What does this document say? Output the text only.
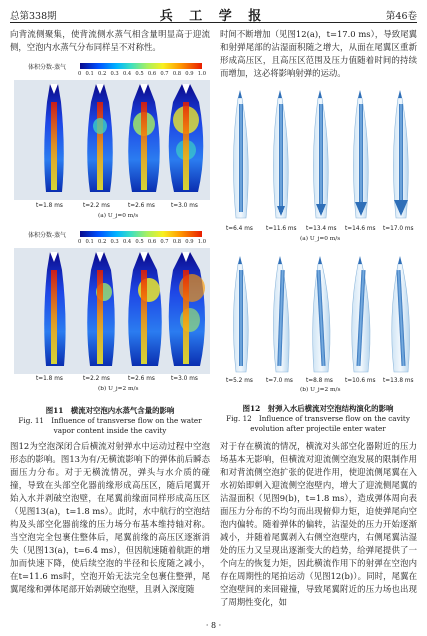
总第338期	兵 工 学 报	第46卷

向背流侧聚集，使背流侧水蒸气相含量明显高于迎流侧，空泡内水蒸气分布同样呈不对称性。

体积分数-蒸气
0 0.1 0.2 0.3 0.4 0.5 0.6 0.7 0.8 0.9 1.0
t=1.8 ms	t=2.2 ms	t=2.6 ms	t=3.0 ms
(a) U_j=0 m/s
体积分数-蒸气
0 0.1 0.2 0.3 0.4 0.5 0.6 0.7 0.8 0.9 1.0
t=1.8 ms	t=2.2 ms	t=2.6 ms	t=3.0 ms
(b) U_j=2 m/s
图11　横流对空泡内水蒸气含量的影响
Fig. 11　Influence of transverse flow on the water
vapor content inside the cavity

图12为空泡深闭合后横流对射弹水中运动过程中空泡形态的影响。图13为有/无横流影响下的弹体前后瞬态面压力分布。对于无横流情况，弹头与水介质的碰撞，导致在头部空化器前缘形成高压区，随后尾翼开始入水并剥破空泡壁，在尾翼前缘面同样形成高压区（见图13(a)，t=1.8 ms）。此时，水中航行的空泡结构及头部空化器前缘的压力场分布基本维持轴对称。当空泡完全包裹住整体后，尾翼前缘的高压区逐渐消失（见图13(a)，t=6.4 ms），但因航速随着航距的增加而快速下降，使后续空泡的半径和长度随之减小，在t=11.6 ms时，空泡开始无法完全包裹住整弹，尾翼尾缘和弹体尾部开始剥破空泡壁，且剥入深度随

时间不断增加（见图12(a)，t=17.0 ms），导致尾翼和射弹尾部的沾湿面积随之增大，从面在尾翼区重新形成高压区，且高压区范围及压力值随着时间的持续而增加，这必将影响射弹的运动。

t=6.4 ms t=11.6 ms t=13.4 ms t=14.6 ms t=17.0 ms
(a) U_j=0 m/s
t=5.2 ms t=7.0 ms t=8.8 ms t=10.6 ms t=13.8 ms
(b) U_j=2 m/s
图12　射弹入水后横流对空泡结构演化的影响
Fig. 12　Influence of transverse flow on the cavity
evolution after projectile enter water

对于存在横流的情况，横流对头部空化器附近的压力场基本无影响，但横流对迎流侧空泡发展的限制作用和对背流侧空泡扩张的促进作用，使迎流侧尾翼在入水初始即刺入迎流侧空泡壁内，增大了迎流侧尾翼的沾湿面积（见图9(b)，t=1.8 ms），造成弹体周向表面压力分布的不均匀而出现俯仰力矩，迫使弹尾向空泡内偏转。随着弹体的偏转，沾湿处的压力开始逐渐减小，并随着尾翼剥入右侧空泡壁内，右侧尾翼沾湿处的压力又呈现出逐渐变大的趋势，给弹尾提供了一个向左的恢复力矩，因此横流作用下的射弹在空泡内存在周期性的尾拍运动（见图12(b)）。同时，尾翼在空泡壁间的来回碰撞，导致尾翼附近的压力场也出现了周期性变化，如

· 8 ·
